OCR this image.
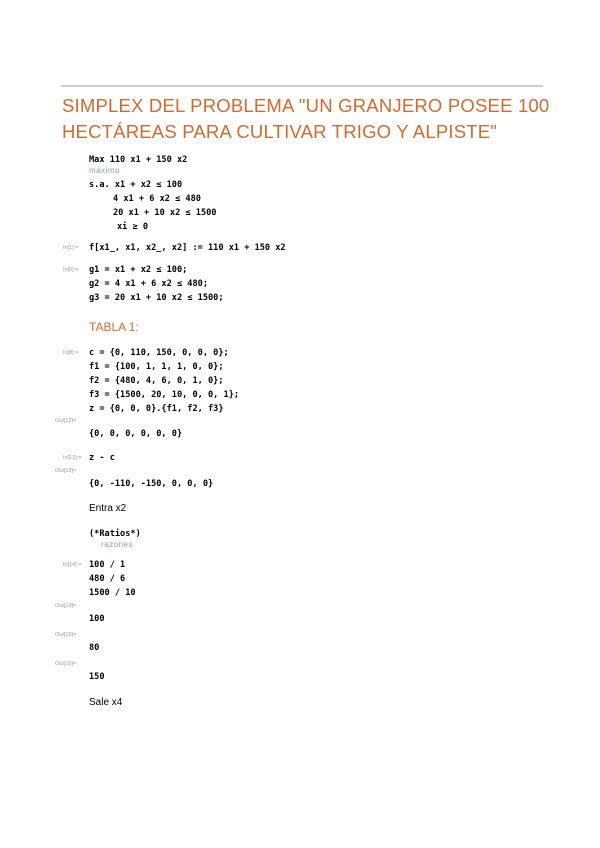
SIMPLEX DEL PROBLEMA "UN GRANJERO POSEE 100
HECTÁREAS PARA CULTIVAR TRIGO Y ALPISTE"
Max 110 x1 + 150 x2
máximo
s.a. x1 + x2 ≤ 100
4 x1 + 6 x2 ≤ 480
20 x1 + 10 x2 ≤ 1500
xi ≥ 0
In[1]:= f[x1_, x1, x2_, x2] := 110 x1 + 150 x2
In[5]:= g1 = x1 + x2 ≤ 100;
g2 = 4 x1 + 6 x2 ≤ 480;
g3 = 20 x1 + 10 x2 ≤ 1500;
TABLA 1:
In[8]:= c = {0, 110, 150, 0, 0, 0};
f1 = {100, 1, 1, 1, 0, 0};
f2 = {480, 4, 6, 0, 1, 0};
f3 = {1500, 20, 10, 0, 0, 1};
z = {0, 0, 0}.{f1, f2, f3}
Out[12]=
{0, 0, 0, 0, 0, 0}
In[13]:= z - c
Out[13]=
{0, -110, -150, 0, 0, 0}
Entra x2
(*Ratios*)
razones
In[14]:= 100 / 1
480 / 6
1500 / 10
Out[14]=
100
Out[15]=
80
Out[16]=
150
Sale x4
